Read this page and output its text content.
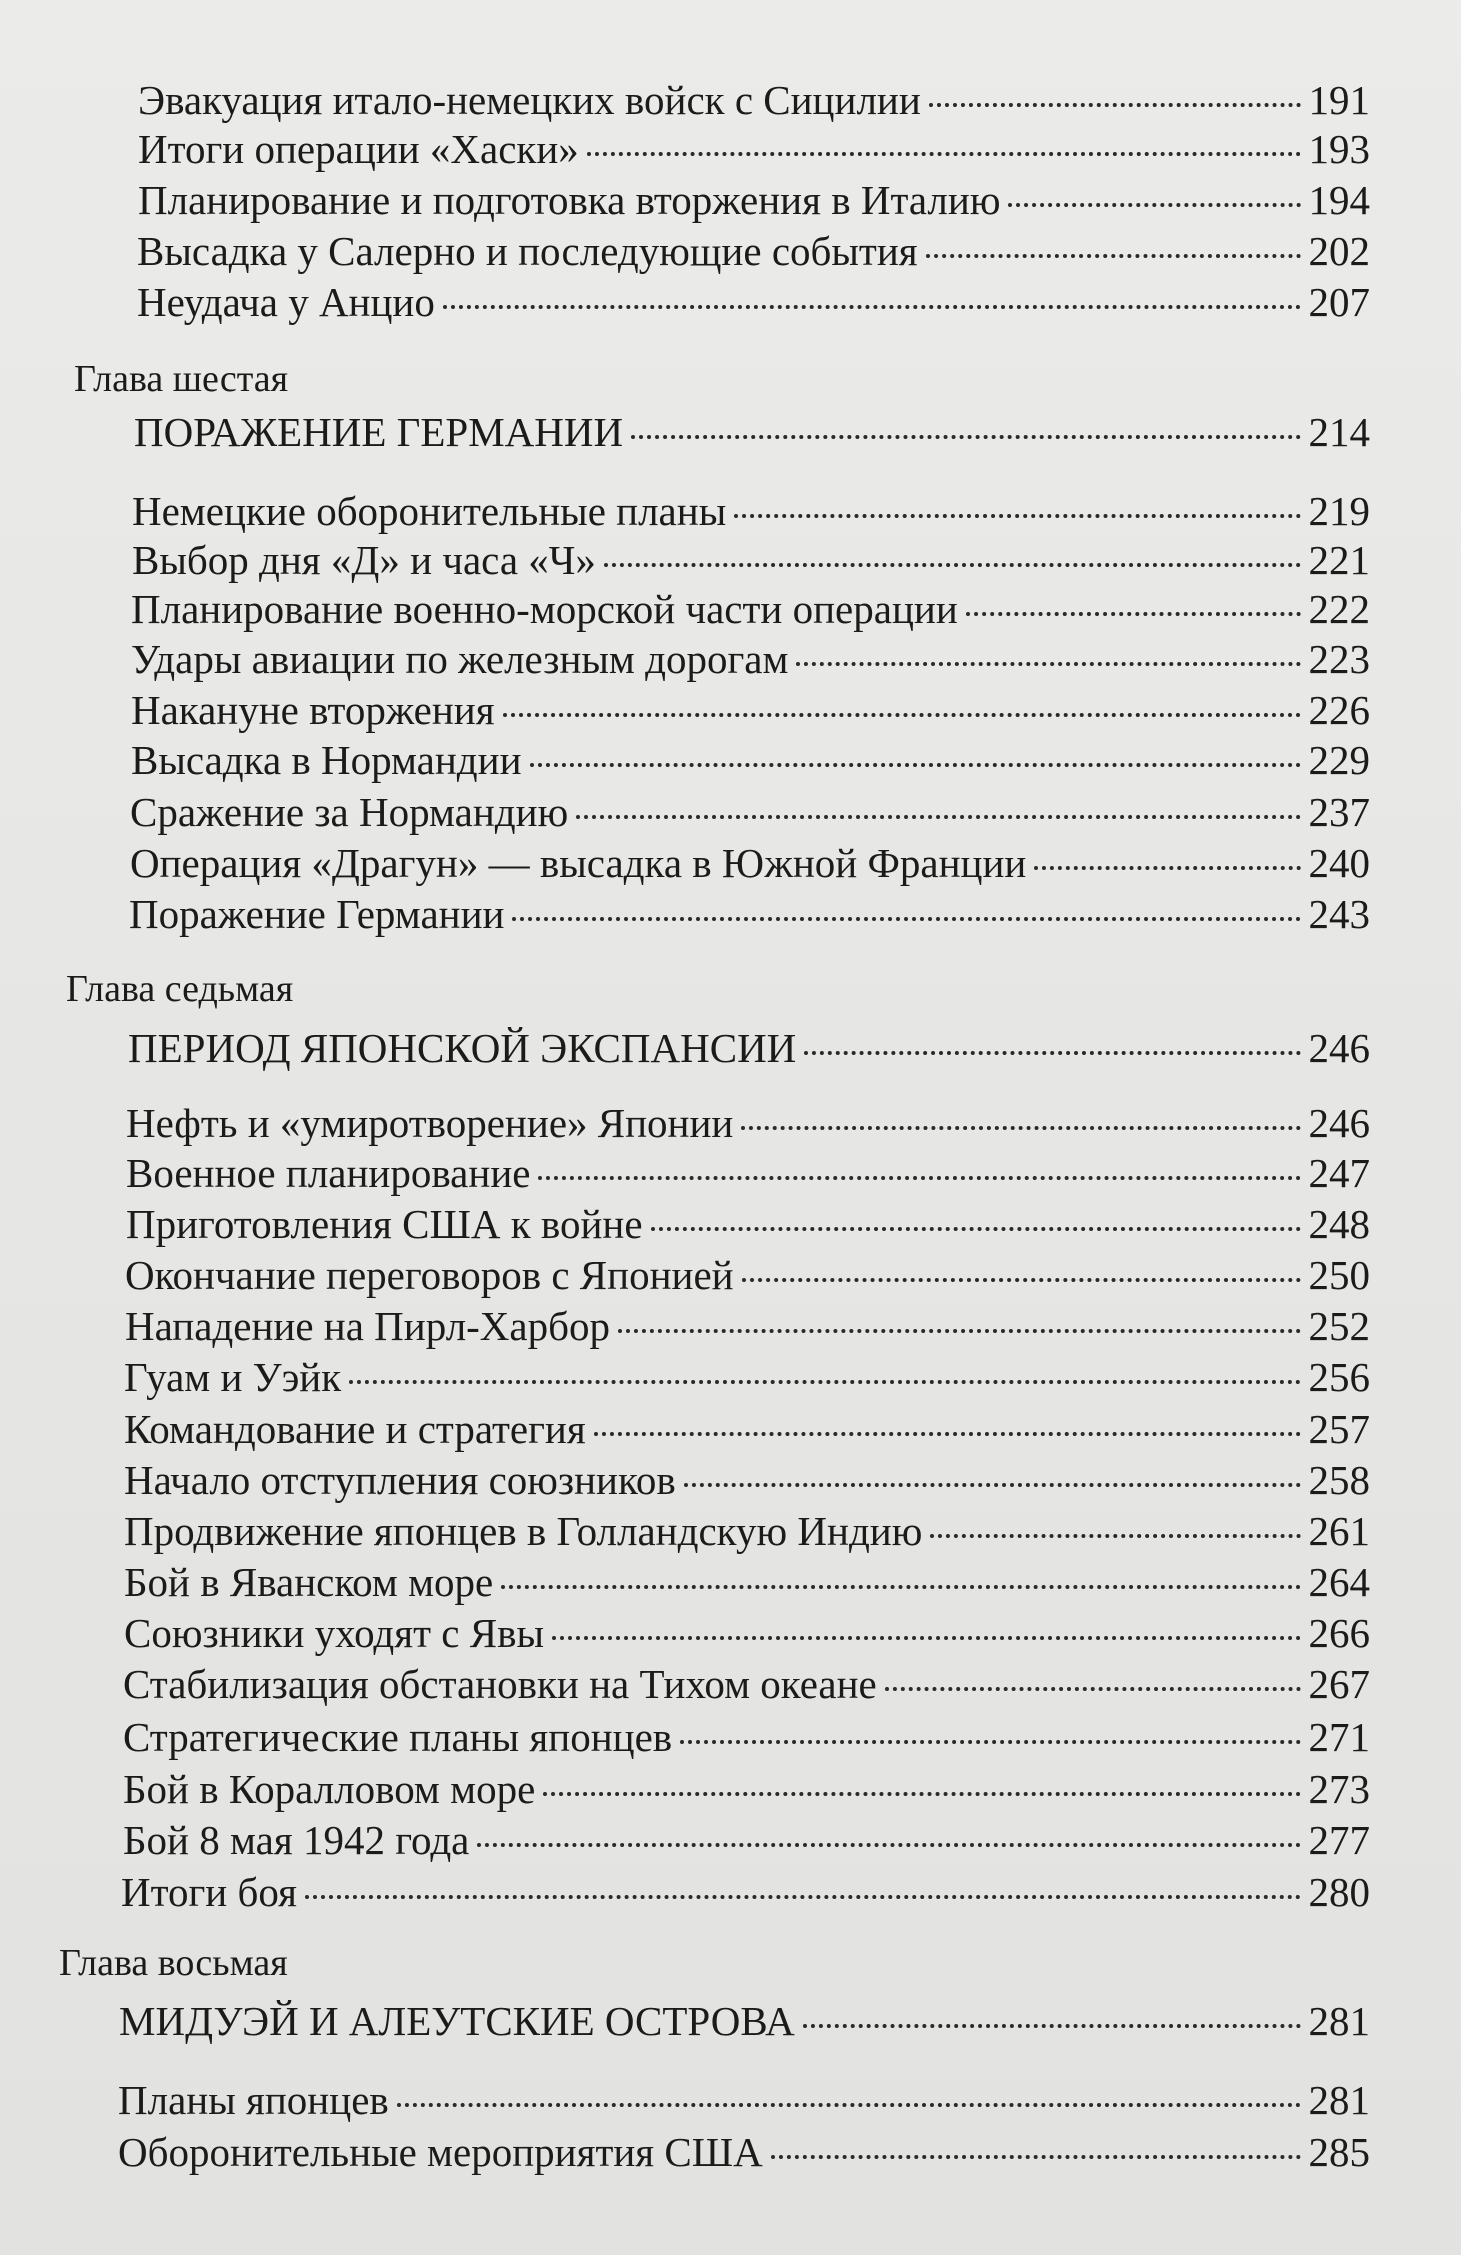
Эвакуация итало-немецких войск с Сицилии	191
Итоги операции «Хаски»	193
Планирование и подготовка вторжения в Италию	194
Высадка у Салерно и последующие события	202
Неудача у Анцио	207
Глава шестая
ПОРАЖЕНИЕ ГЕРМАНИИ	214
Немецкие оборонительные планы	219
Выбор дня «Д» и часа «Ч»	221
Планирование военно-морской части операции	222
Удары авиации по железным дорогам	223
Накануне вторжения	226
Высадка в Нормандии	229
Сражение за Нормандию	237
Операция «Драгун» — высадка в Южной Франции	240
Поражение Германии	243
Глава седьмая
ПЕРИОД ЯПОНСКОЙ ЭКСПАНСИИ	246
Нефть и «умиротворение» Японии	246
Военное планирование	247
Приготовления США к войне	248
Окончание переговоров с Японией	250
Нападение на Пирл-Харбор	252
Гуам и Уэйк	256
Командование и стратегия	257
Начало отступления союзников	258
Продвижение японцев в Голландскую Индию	261
Бой в Яванском море	264
Союзники уходят с Явы	266
Стабилизация обстановки на Тихом океане	267
Стратегические планы японцев	271
Бой в Коралловом море	273
Бой 8 мая 1942 года	277
Итоги боя	280
Глава восьмая
МИДУЭЙ И АЛЕУТСКИЕ ОСТРОВА	281
Планы японцев	281
Оборонительные мероприятия США	285
